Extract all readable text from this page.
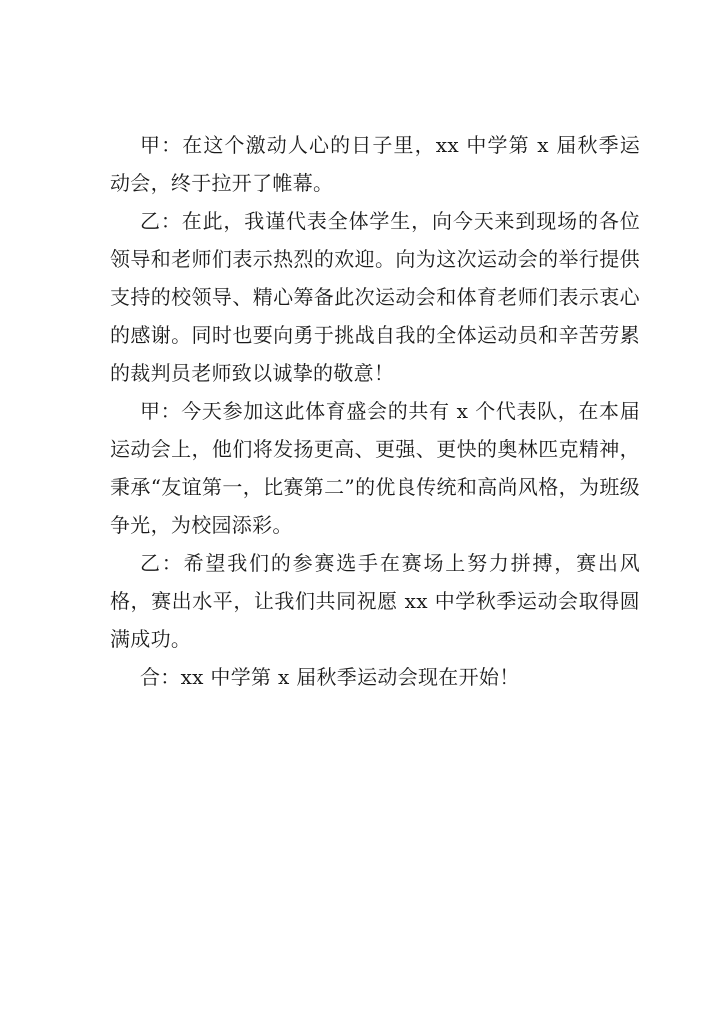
甲：在这个激动人心的日子里，xx 中学第 x 届秋季运动会，终于拉开了帷幕。

乙：在此，我谨代表全体学生，向今天来到现场的各位领导和老师们表示热烈的欢迎。向为这次运动会的举行提供支持的校领导、精心筹备此次运动会和体育老师们表示衷心的感谢。同时也要向勇于挑战自我的全体运动员和辛苦劳累的裁判员老师致以诚挚的敬意！

甲：今天参加这此体育盛会的共有 x 个代表队，在本届运动会上，他们将发扬更高、更强、更快的奥林匹克精神，秉承“友谊第一，比赛第二”的优良传统和高尚风格，为班级争光，为校园添彩。

乙：希望我们的参赛选手在赛场上努力拼搏，赛出风格，赛出水平，让我们共同祝愿 xx 中学秋季运动会取得圆满成功。

合：xx 中学第 x 届秋季运动会现在开始！
